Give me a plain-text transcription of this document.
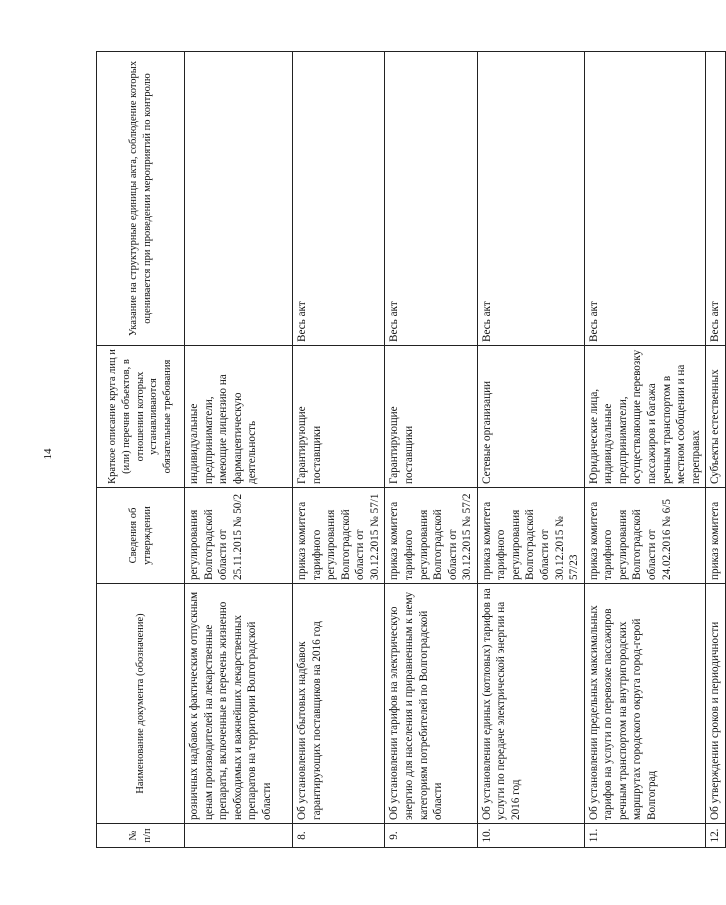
14
№ п/п	Наименование документа (обозначение)	Сведения об утверждении	Краткое описание круга лиц и (или) перечня объектов, в отношении которых устанавливаются обязательные требования	Указание на структурные единицы акта, соблюдение которых оценивается при проведении мероприятий по контролю
	розничных надбавок к фактическим отпускным ценам производителей на лекарственные препараты, включенные в перечень жизненно необходимых и важнейших лекарственных препаратов на территории Волгоградской области	регулирования Волгоградской области от 25.11.2015 № 50/2	индивидуальные предприниматели, имеющие лицензию на фармацевтическую деятельность	
8.	Об установлении сбытовых надбавок гарантирующих поставщиков на 2016 год	приказ комитета тарифного регулирования Волгоградской области от 30.12.2015 № 57/1	Гарантирующие поставщики	Весь акт
9.	Об установлении тарифов на электрическую энергию для населения и приравненным к нему категориям потребителей по Волгоградской области	приказ комитета тарифного регулирования Волгоградской области от 30.12.2015 № 57/2	Гарантирующие поставщики	Весь акт
10.	Об установлении единых (котловых) тарифов на услуги по передаче электрической энергии на 2016 год	приказ комитета тарифного регулирования Волгоградской области от 30.12.2015 № 57/23	Сетевые организации	Весь акт
11.	Об установлении предельных максимальных тарифов на услуги по перевозке пассажиров речным транспортом на внутригородских маршрутах городского округа город-герой Волгоград	приказ комитета тарифного регулирования Волгоградской области от 24.02.2016 № 6/5	Юридические лица, индивидуальные предприниматели, осуществляющие перевозку пассажиров и багажа речным транспортом в местном сообщении и на переправах	Весь акт
12.	Об утверждении сроков и периодичности	приказ комитета	Субъекты естественных	Весь акт
